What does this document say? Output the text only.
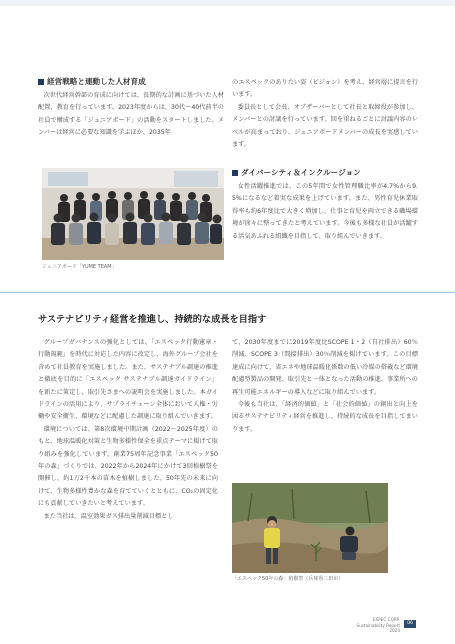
経営戦略と連動した人材育成

次世代経営幹部の育成に向けては、長期的な計画に基づいた人材配置、教育を行っています。2023年度からは、30代～40代前半の社員で構成する「ジュニアボード」の活動をスタートしました。メンバーは経営に必要な知識を学ぶほか、2035年

ジュニアボード「YUME TEAM」

のエスペックのありたい姿（ビジョン）を考え、経営層に提言を行います。

委員長として会長、オブザーバーとして社長と取締役が参加し、メンバーとの討議を行っています。回を重ねるごとに討議内容のレベルが高まっており、ジュニアボードメンバーの成長を実感しています。

ダイバーシティ＆インクルージョン

女性活躍推進では、この5年間で女性管理職比率が4.7%から9.5%になるなど着実な成果を上げています。また、男性育児休業取得率も約6年度比で大きく増加し、仕事と育児を両立できる職場環境が徐々に整ってきたと考えています。今後も多様な社員が活躍する活気あふれる組織を目指して、取り組んでいきます。

サステナビリティ経営を推進し、持続的な成長を目指す

グループガバナンスの強化としては、「エスペック行動憲章・行動規範」を時代に対応した内容に改定し、海外グループ会社を含めて社員教育を実施しました。また、サステナブル調達の推進と徹底を目的に「エスペック サステナブル調達ガイドライン」を新たに策定し、取引先さまへの説明会を実施しました。本ガイドラインの活用により、サプライチェーン全体において人権・労働や安全衛生、環境などに配慮した調達に取り組んでいきます。

環境については、第8次環境中期計画（2022～2025年度）のもと、地球温暖化対策と生物多様性保全を重点テーマに掲げて取り組みを強化しています。創業75周年記念事業「エスペック50年の森」づくりでは、2022年から2024年にかけて3回植樹祭を開催し、約1万2千本の苗木を植樹しました。50年先の未来に向けて、生物多様性豊かな森を育てていくとともに、CO₂の固定化にも貢献していきたいと考えています。

また当社は、温室効果ガス排出量削減目標とし

て、2030年度までに2019年度比SCOPE 1・2（自社排出）60％削減、SCOPE 3（間接排出）30％削減を掲げています。この目標達成に向けて、省エネや地球温暖化係数の低い冷媒の搭載など環境配慮型製品の開発、取引先と一体となった活動の推進、事業所への再生可能エネルギーの導入などに取り組んでいます。

今後も当社は、「経済的価値」と「社会的価値」の創出と向上を図るサステナビリティ経営を推進し、持続的な成長を目指してまいります。

「エスペック50年の森」植樹祭（兵庫県三田市）
ESPEC CORP.
Sustainability Report
2024
06
